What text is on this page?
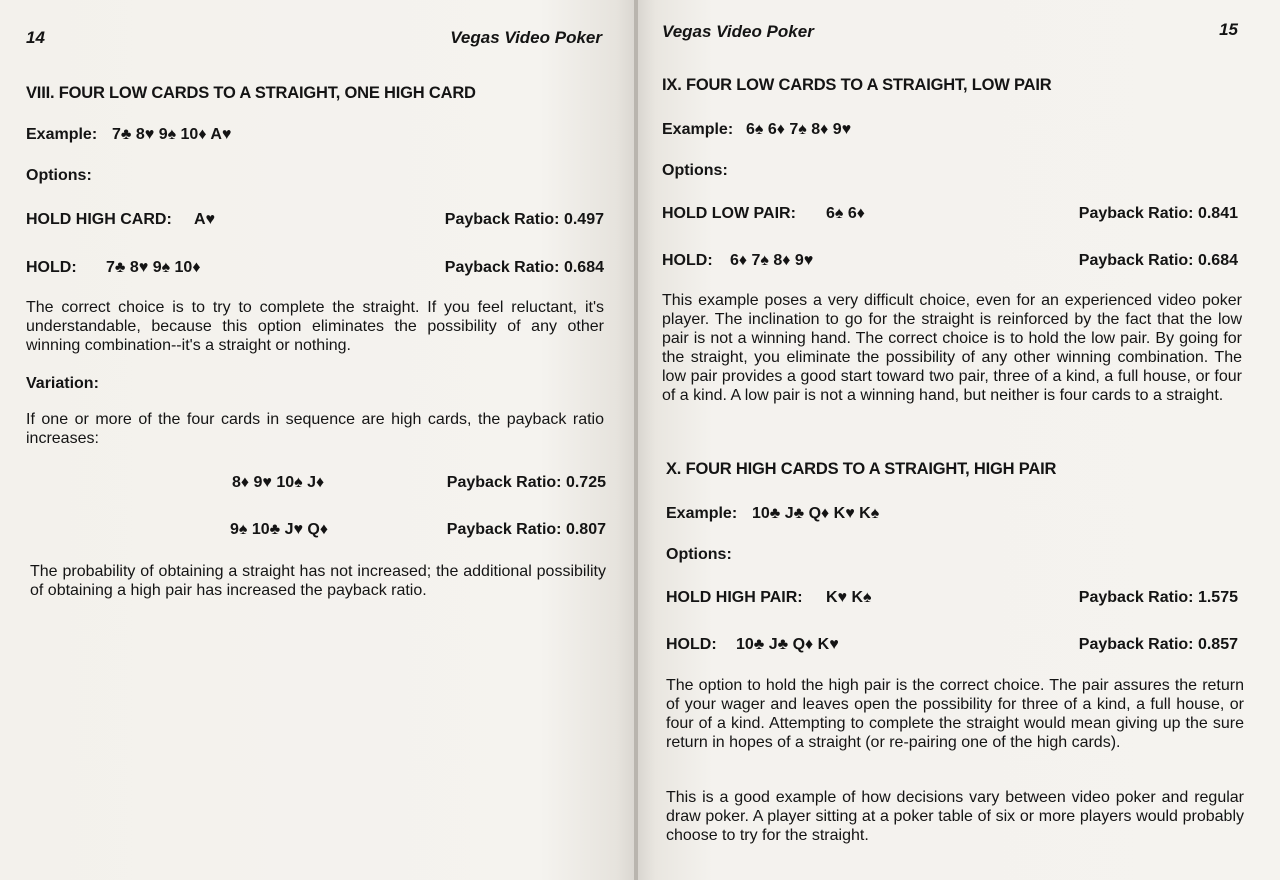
14	Vegas Video Poker
VIII. FOUR LOW CARDS TO A STRAIGHT, ONE HIGH CARD
Example: 7♣ 8♥ 9♠ 10♦ A♥
Options:
HOLD HIGH CARD: A♥	Payback Ratio: 0.497
HOLD: 7♣ 8♥ 9♠ 10♦	Payback Ratio: 0.684
The correct choice is to try to complete the straight. If you feel reluctant, it's understandable, because this option eliminates the possibility of any other winning combination--it's a straight or nothing.
Variation:
If one or more of the four cards in sequence are high cards, the payback ratio increases:
8♦ 9♥ 10♠ J♦	Payback Ratio: 0.725
9♠ 10♣ J♥ Q♦	Payback Ratio: 0.807
The probability of obtaining a straight has not increased; the additional possibility of obtaining a high pair has increased the payback ratio.
Vegas Video Poker	15
IX. FOUR LOW CARDS TO A STRAIGHT, LOW PAIR
Example: 6♠ 6♦ 7♠ 8♦ 9♥
Options:
HOLD LOW PAIR: 6♠ 6♦	Payback Ratio: 0.841
HOLD: 6♦ 7♠ 8♦ 9♥	Payback Ratio: 0.684
This example poses a very difficult choice, even for an experienced video poker player. The inclination to go for the straight is reinforced by the fact that the low pair is not a winning hand. The correct choice is to hold the low pair. By going for the straight, you eliminate the possibility of any other winning combination. The low pair provides a good start toward two pair, three of a kind, a full house, or four of a kind. A low pair is not a winning hand, but neither is four cards to a straight.
X. FOUR HIGH CARDS TO A STRAIGHT, HIGH PAIR
Example: 10♣ J♣ Q♦ K♥ K♠
Options:
HOLD HIGH PAIR: K♥ K♠	Payback Ratio: 1.575
HOLD: 10♣ J♣ Q♦ K♥	Payback Ratio: 0.857
The option to hold the high pair is the correct choice. The pair assures the return of your wager and leaves open the possibility for three of a kind, a full house, or four of a kind. Attempting to complete the straight would mean giving up the sure return in hopes of a straight (or re-pairing one of the high cards).
This is a good example of how decisions vary between video poker and regular draw poker. A player sitting at a poker table of six or more players would probably choose to try for the straight.
